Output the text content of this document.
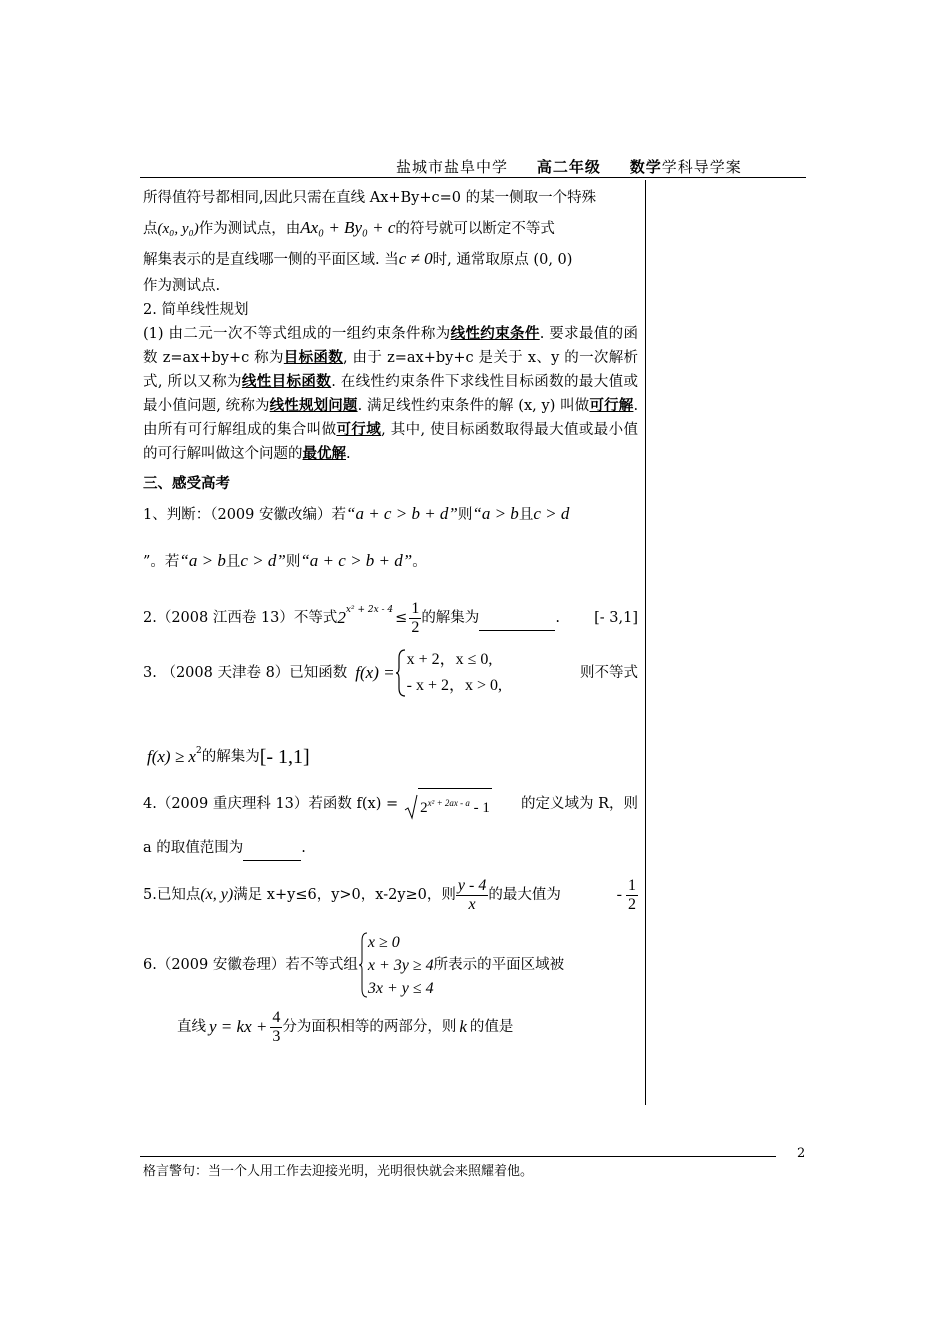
盐城市盐阜中学 高二年级 数学学科导学案

所得值符号都相同,因此只需在直线 Ax+By+c=0 的某一侧取一个特殊

点(x₀, y₀)作为测试点，由Ax₀ + By₀ + c的符号就可以断定不等式

解集表示的是直线哪一侧的平面区域. 当c ≠ 0时, 通常取原点 (0, 0)

作为测试点.

2. 简单线性规划

(1) 由二元一次不等式组成的一组约束条件称为线性约束条件. 要求最值的函数 z=ax+by+c 称为目标函数, 由于 z=ax+by+c 是关于 x、y 的一次解析式, 所以又称为线性目标函数. 在线性约束条件下求线性目标函数的最大值或最小值问题, 统称为线性规划问题. 满足线性约束条件的解 (x, y) 叫做可行解. 由所有可行解组成的集合叫做可行域, 其中, 使目标函数取得最大值或最小值的可行解叫做这个问题的最优解.

三、感受高考

1、判断：（2009 安徽改编）若“a + c > b + d”则“a > b且c > d

”。若“a > b且c > d”则“a + c > b + d”。

2.（2008 江西卷 13）不等式 $2^{x^2 + 2x - 4} \le \frac{1}{2}$ 的解集为
	. [- 3,1]
3. （2008 天津卷 8）已知函数 f(x) =
x + 2，x ≤ 0,
- x + 2，x > 0,
则不等式
$f(x) \ge x^2$ 的解集为 [- 1,1]
4.（2009 重庆理科 13）若函数 $f(x) = 2^{x^2 + 2ax - a} - 1$ 的定义域为 R，则

a 的取值范围为	.

5.已知点 (x, y) 满足 x+y≤6，y>0，x-2y≥0，则 $\frac{y - 4}{x}$ 的最大值为	- $\frac{1}{2}$
6.（2009 安徽卷理）若不等式组
x ≥ 0
x + 3y ≥ 4
3x + y ≤ 4
所表示的平面区域被
直线 y = kx + $\frac{4}{3}$ 分为面积相等的两部分，则 k 的值是
2
格言警句：当一个人用工作去迎接光明，光明很快就会来照耀着他。
